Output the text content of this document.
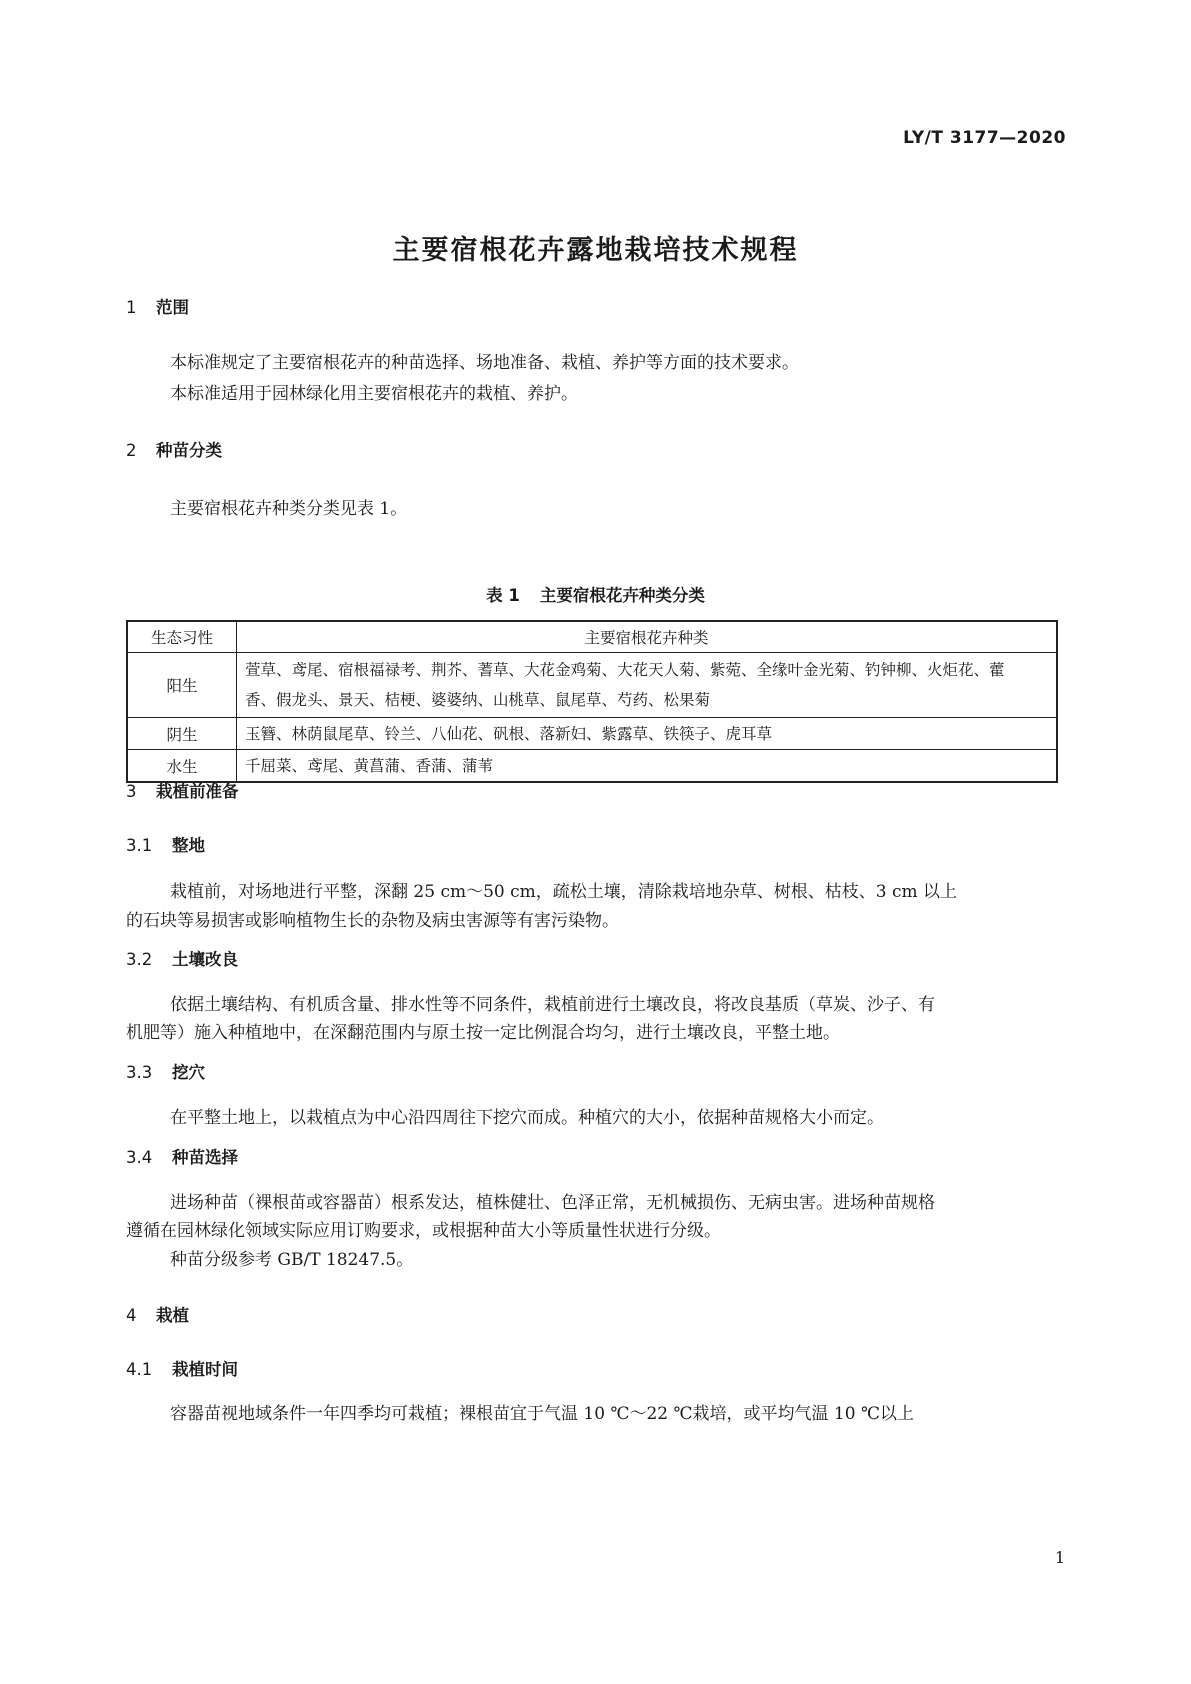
LY/T 3177—2020
主要宿根花卉露地栽培技术规程
1 范围
本标准规定了主要宿根花卉的种苗选择、场地准备、栽植、养护等方面的技术要求。
本标准适用于园林绿化用主要宿根花卉的栽植、养护。
2 种苗分类
主要宿根花卉种类分类见表 1。
表 1 主要宿根花卉种类分类
生态习性	主要宿根花卉种类
阳生	萱草、鸢尾、宿根福禄考、荆芥、蓍草、大花金鸡菊、大花天人菊、紫菀、全缘叶金光菊、钓钟柳、火炬花、藿
香、假龙头、景天、桔梗、婆婆纳、山桃草、鼠尾草、芍药、松果菊

阴生	玉簪、林荫鼠尾草、铃兰、八仙花、矾根、落新妇、紫露草、铁筷子、虎耳草
水生	千屈菜、鸢尾、黄菖蒲、香蒲、蒲苇
3 栽植前准备
3.1 整地
栽植前，对场地进行平整，深翻 25 cm～50 cm，疏松土壤，清除栽培地杂草、树根、枯枝、3 cm 以上
的石块等易损害或影响植物生长的杂物及病虫害源等有害污染物。
3.2 土壤改良
依据土壤结构、有机质含量、排水性等不同条件，栽植前进行土壤改良，将改良基质（草炭、沙子、有
机肥等）施入种植地中，在深翻范围内与原土按一定比例混合均匀，进行土壤改良，平整土地。
3.3 挖穴
在平整土地上，以栽植点为中心沿四周往下挖穴而成。种植穴的大小，依据种苗规格大小而定。
3.4 种苗选择
进场种苗（裸根苗或容器苗）根系发达，植株健壮、色泽正常，无机械损伤、无病虫害。进场种苗规格
遵循在园林绿化领域实际应用订购要求，或根据种苗大小等质量性状进行分级。
种苗分级参考 GB/T 18247.5。
4 栽植
4.1 栽植时间
容器苗视地域条件一年四季均可栽植；裸根苗宜于气温 10 ℃～22 ℃栽培，或平均气温 10 ℃以上
1
